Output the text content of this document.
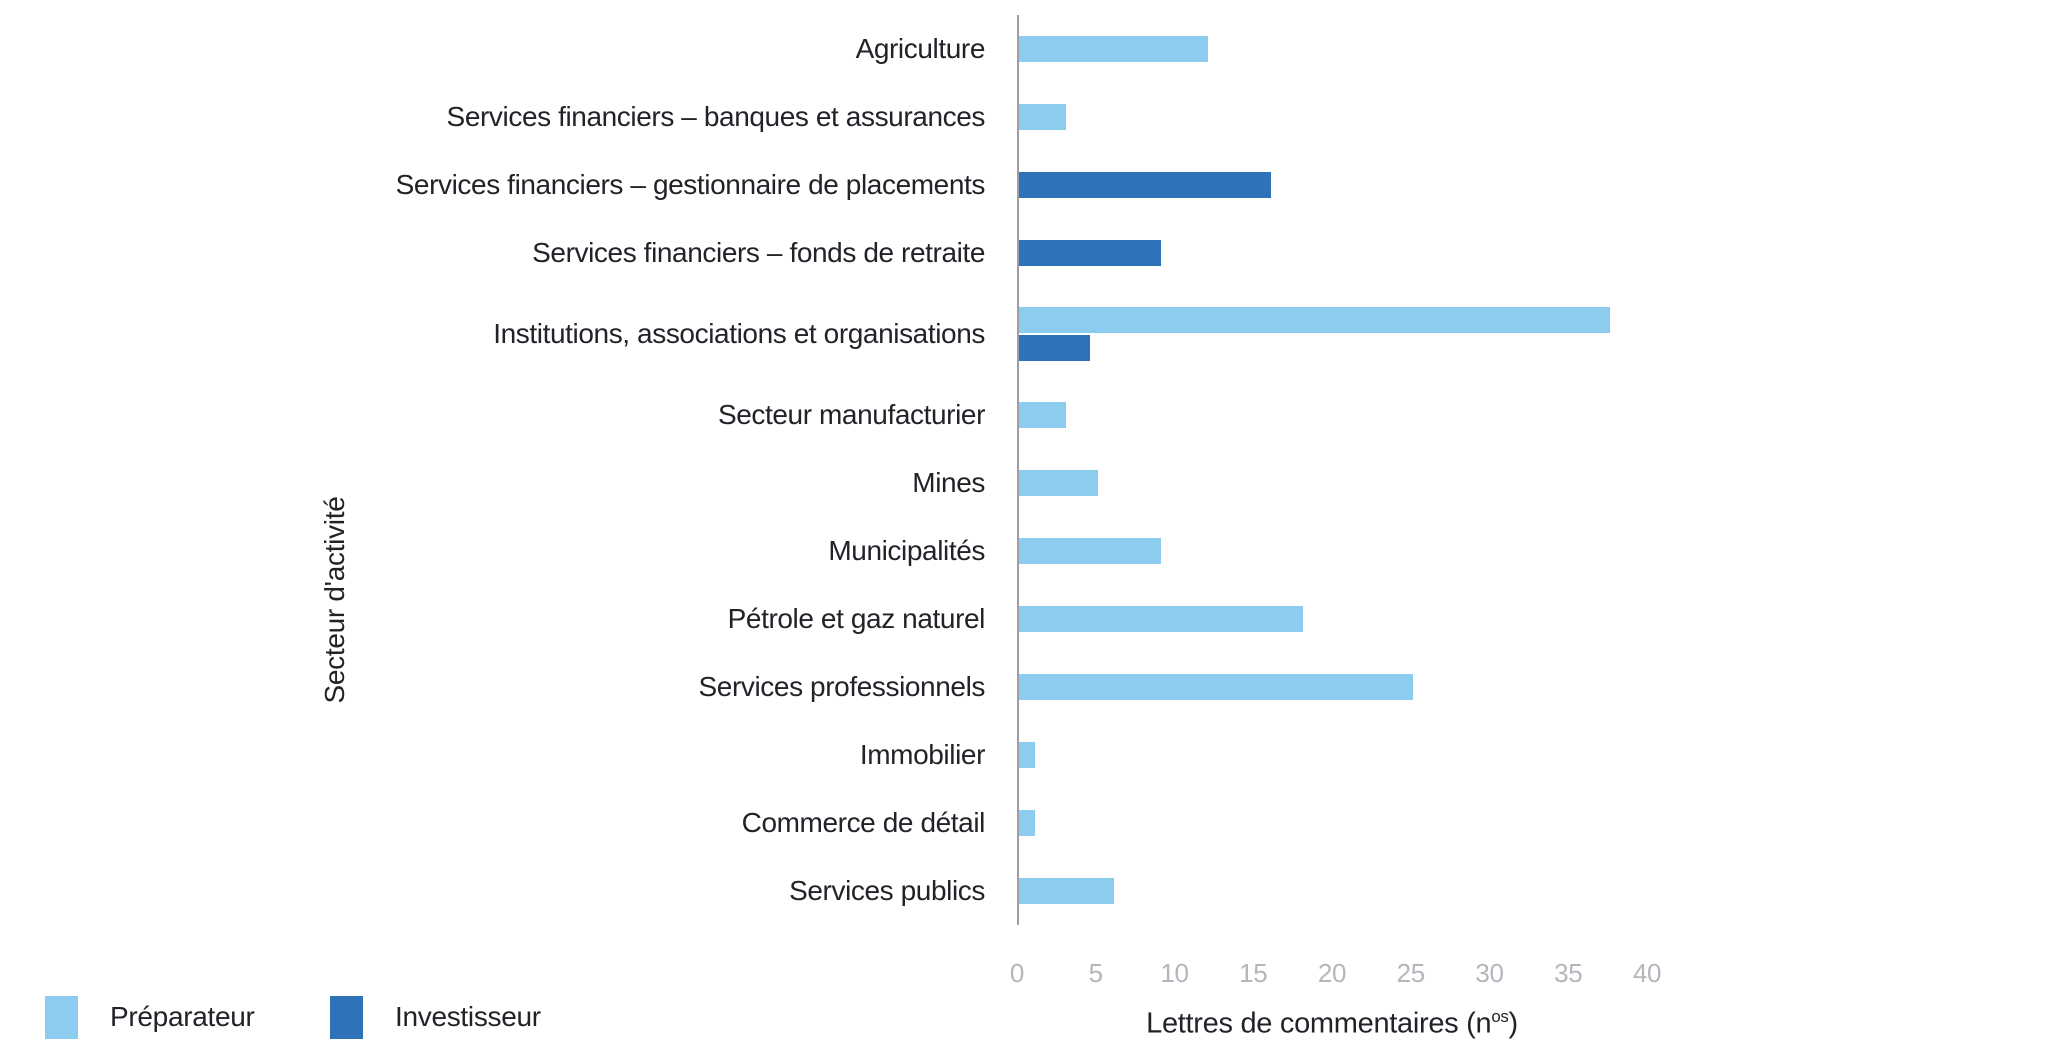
Secteur d'activité
Agriculture
Services financiers – banques et assurances
Services financiers – gestionnaire de placements
Services financiers – fonds de retraite
Institutions, associations et organisations
Secteur manufacturier
Mines
Municipalités
Pétrole et gaz naturel
Services professionnels
Immobilier
Commerce de détail
Services publics
Lettres de commentaires $(n^{os})$
0 5 10 15 20 25 30 35 40
Préparateur	Investisseur
